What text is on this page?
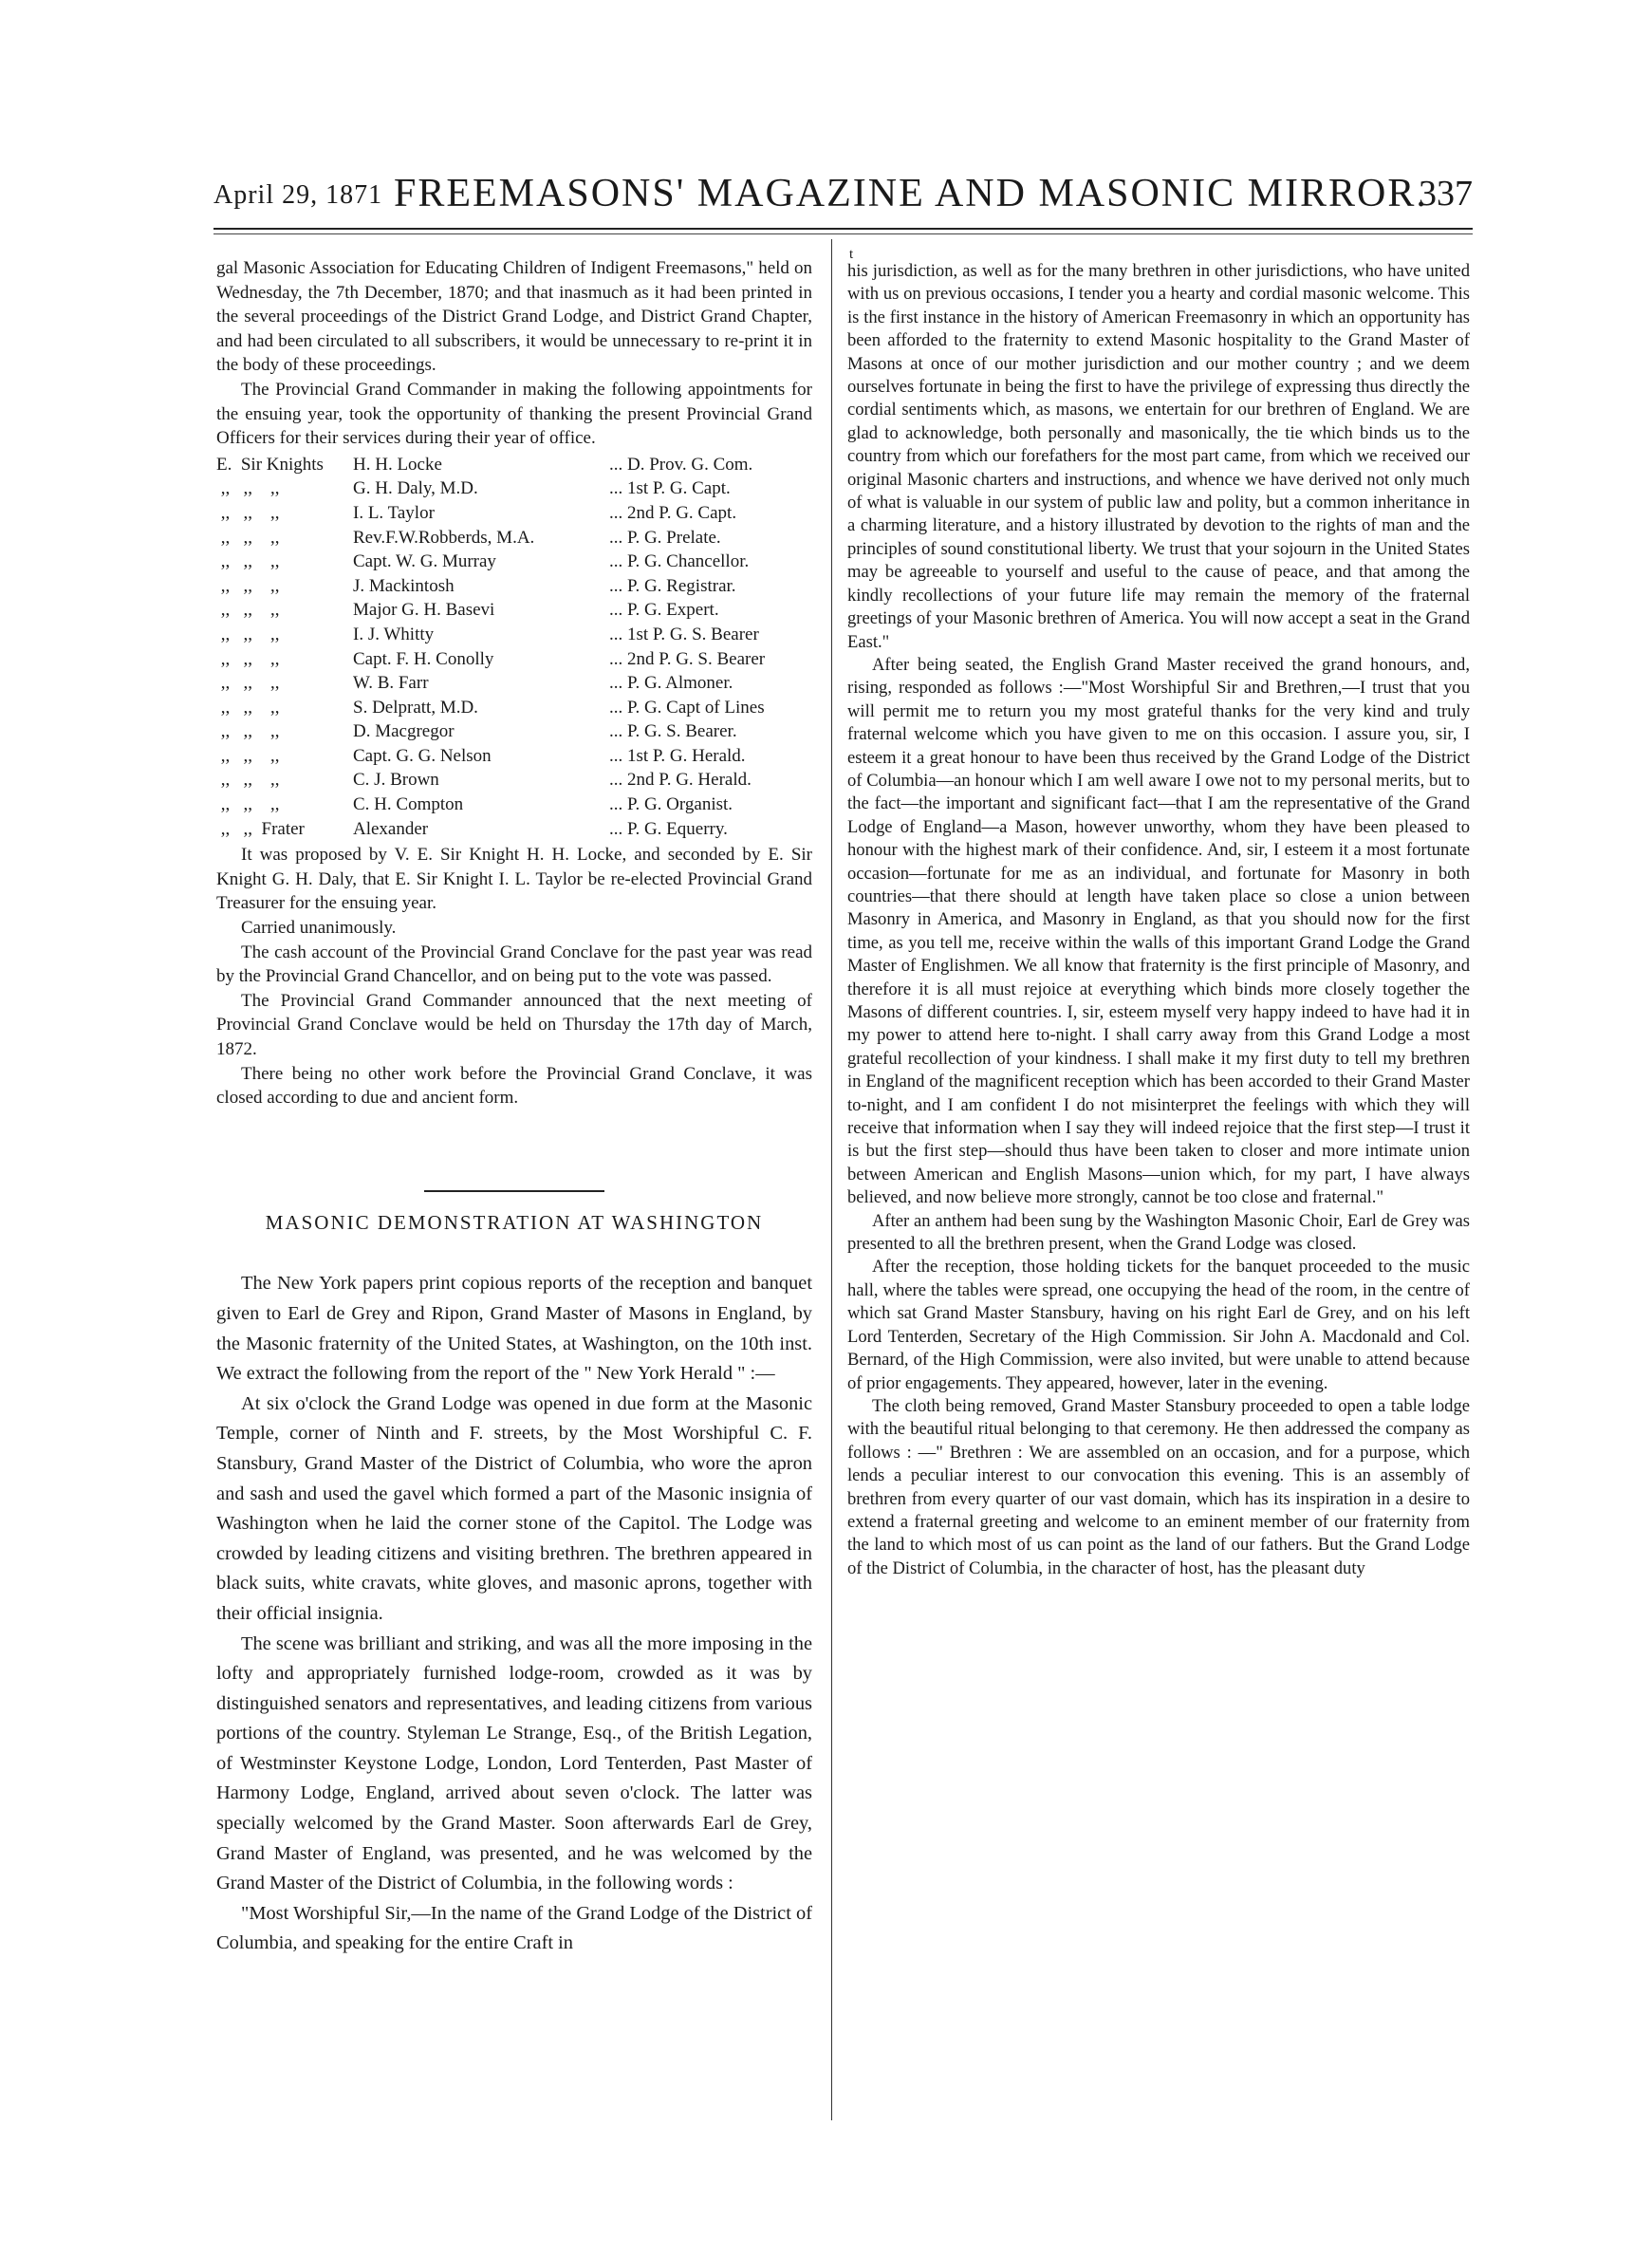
April 29, 1871 FREEMASONS' MAGAZINE AND MASONIC MIRROR.
337

gal Masonic Association for Educating Children of Indigent Freemasons," held on Wednesday, the 7th December, 1870; and that inasmuch as it had been printed in the several proceedings of the District Grand Lodge, and District Grand Chapter, and had been circulated to all subscribers, it would be unnecessary to re-print it in the body of these proceedings.

The Provincial Grand Commander in making the following appointments for the ensuing year, took the opportunity of thanking the present Provincial Grand Officers for their services during their year of office.

E.  Sir Knights	H. H. Locke	... D. Prov. G. Com.
,,   ,,    ,,	G. H. Daly, M.D.	... 1st P. G. Capt.
,,   ,,    ,,	I. L. Taylor	... 2nd P. G. Capt.
,,   ,,    ,,	Rev.F.W.Robberds, M.A.	... P. G. Prelate.
,,   ,,    ,,	Capt. W. G. Murray	... P. G. Chancellor.
,,   ,,    ,,	J. Mackintosh	... P. G. Registrar.
,,   ,,    ,,	Major G. H. Basevi	... P. G. Expert.
,,   ,,    ,,	I. J. Whitty	... 1st P. G. S. Bearer
,,   ,,    ,,	Capt. F. H. Conolly	... 2nd P. G. S. Bearer
,,   ,,    ,,	W. B. Farr	... P. G. Almoner.
,,   ,,    ,,	S. Delpratt, M.D.	... P. G. Capt of Lines
,,   ,,    ,,	D. Macgregor	... P. G. S. Bearer.
,,   ,,    ,,	Capt. G. G. Nelson	... 1st P. G. Herald.
,,   ,,    ,,	C. J. Brown	... 2nd P. G. Herald.
,,   ,,    ,,	C. H. Compton	... P. G. Organist.
,,   ,,  Frater	Alexander	... P. G. Equerry.

It was proposed by V. E. Sir Knight H. H. Locke, and seconded by E. Sir Knight G. H. Daly, that E. Sir Knight I. L. Taylor be re-elected Provincial Grand Treasurer for the ensuing year.

Carried unanimously.

The cash account of the Provincial Grand Conclave for the past year was read by the Provincial Grand Chancellor, and on being put to the vote was passed.

The Provincial Grand Commander announced that the next meeting of Provincial Grand Conclave would be held on Thursday the 17th day of March, 1872.

There being no other work before the Provincial Grand Conclave, it was closed according to due and ancient form.

MASONIC DEMONSTRATION AT WASHINGTON

The New York papers print copious reports of the reception and banquet given to Earl de Grey and Ripon, Grand Master of Masons in England, by the Masonic fraternity of the United States, at Washington, on the 10th inst. We extract the following from the report of the " New York Herald " :—

At six o'clock the Grand Lodge was opened in due form at the Masonic Temple, corner of Ninth and F. streets, by the Most Worshipful C. F. Stansbury, Grand Master of the District of Columbia, who wore the apron and sash and used the gavel which formed a part of the Masonic insignia of Washington when he laid the corner stone of the Capitol. The Lodge was crowded by leading citizens and visiting brethren. The brethren appeared in black suits, white cravats, white gloves, and masonic aprons, together with their official insignia.

The scene was brilliant and striking, and was all the more imposing in the lofty and appropriately furnished lodge-room, crowded as it was by distinguished senators and representatives, and leading citizens from various portions of the country. Styleman Le Strange, Esq., of the British Legation, of Westminster Keystone Lodge, London, Lord Tenterden, Past Master of Harmony Lodge, England, arrived about seven o'clock. The latter was specially welcomed by the Grand Master. Soon afterwards Earl de Grey, Grand Master of England, was presented, and he was welcomed by the Grand Master of the District of Columbia, in the following words :

"Most Worshipful Sir,—In the name of the Grand Lodge of the District of Columbia, and speaking for the entire Craft in

t

his jurisdiction, as well as for the many brethren in other jurisdictions, who have united with us on previous occasions, I tender you a hearty and cordial masonic welcome. This is the first instance in the history of American Freemasonry in which an opportunity has been afforded to the fraternity to extend Masonic hospitality to the Grand Master of Masons at once of our mother jurisdiction and our mother country ; and we deem ourselves fortunate in being the first to have the privilege of expressing thus directly the cordial sentiments which, as masons, we entertain for our brethren of England. We are glad to acknowledge, both personally and masonically, the tie which binds us to the country from which our forefathers for the most part came, from which we received our original Masonic charters and instructions, and whence we have derived not only much of what is valuable in our system of public law and polity, but a common inheritance in a charming literature, and a history illustrated by devotion to the rights of man and the principles of sound constitutional liberty. We trust that your sojourn in the United States may be agreeable to yourself and useful to the cause of peace, and that among the kindly recollections of your future life may remain the memory of the fraternal greetings of your Masonic brethren of America. You will now accept a seat in the Grand East."

After being seated, the English Grand Master received the grand honours, and, rising, responded as follows :—"Most Worshipful Sir and Brethren,—I trust that you will permit me to return you my most grateful thanks for the very kind and truly fraternal welcome which you have given to me on this occasion. I assure you, sir, I esteem it a great honour to have been thus received by the Grand Lodge of the District of Columbia—an honour which I am well aware I owe not to my personal merits, but to the fact—the important and significant fact—that I am the representative of the Grand Lodge of England—a Mason, however unworthy, whom they have been pleased to honour with the highest mark of their confidence. And, sir, I esteem it a most fortunate occasion—fortunate for me as an individual, and fortunate for Masonry in both countries—that there should at length have taken place so close a union between Masonry in America, and Masonry in England, as that you should now for the first time, as you tell me, receive within the walls of this important Grand Lodge the Grand Master of Englishmen. We all know that fraternity is the first principle of Masonry, and therefore it is all must rejoice at everything which binds more closely together the Masons of different countries. I, sir, esteem myself very happy indeed to have had it in my power to attend here to-night. I shall carry away from this Grand Lodge a most grateful recollection of your kindness. I shall make it my first duty to tell my brethren in England of the magnificent reception which has been accorded to their Grand Master to-night, and I am confident I do not misinterpret the feelings with which they will receive that information when I say they will indeed rejoice that the first step—I trust it is but the first step—should thus have been taken to closer and more intimate union between American and English Masons—union which, for my part, I have always believed, and now believe more strongly, cannot be too close and fraternal."

After an anthem had been sung by the Washington Masonic Choir, Earl de Grey was presented to all the brethren present, when the Grand Lodge was closed.

After the reception, those holding tickets for the banquet proceeded to the music hall, where the tables were spread, one occupying the head of the room, in the centre of which sat Grand Master Stansbury, having on his right Earl de Grey, and on his left Lord Tenterden, Secretary of the High Commission. Sir John A. Macdonald and Col. Bernard, of the High Commission, were also invited, but were unable to attend because of prior engagements. They appeared, however, later in the evening.

The cloth being removed, Grand Master Stansbury proceeded to open a table lodge with the beautiful ritual belonging to that ceremony. He then addressed the company as follows : —" Brethren : We are assembled on an occasion, and for a purpose, which lends a peculiar interest to our convocation this evening. This is an assembly of brethren from every quarter of our vast domain, which has its inspiration in a desire to extend a fraternal greeting and welcome to an eminent member of our fraternity from the land to which most of us can point as the land of our fathers. But the Grand Lodge of the District of Columbia, in the character of host, has the pleasant duty
